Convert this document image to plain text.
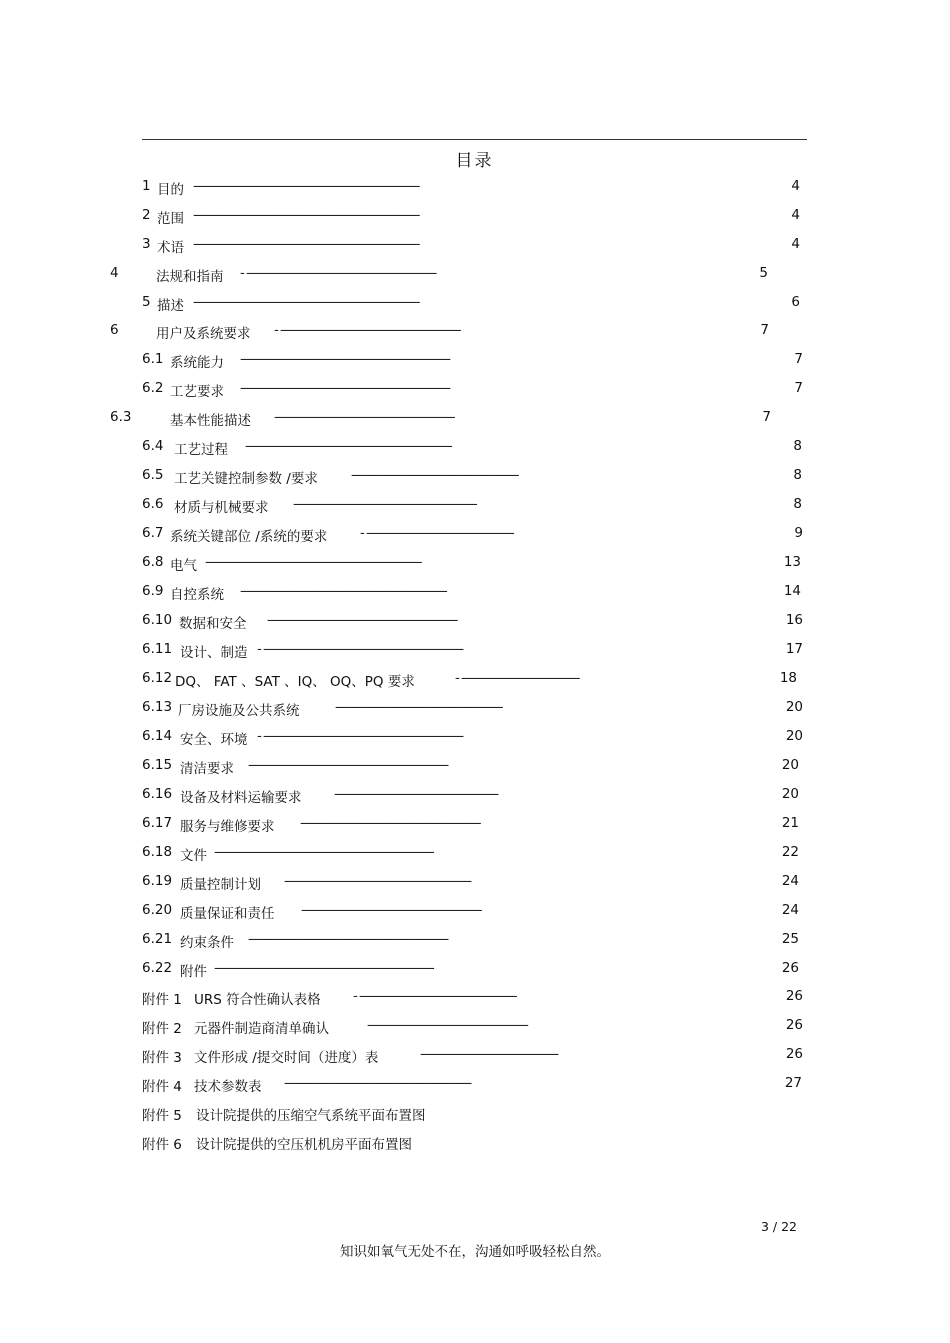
目录
1 目的 ---------------------------------------------------------------------	4
2 范围 ---------------------------------------------------------------------	4
3 术语 ---------------------------------------------------------------------	4
4	法规和指南 - ----------------------------------------------------------	5
5 描述 ---------------------------------------------------------------------	6
6	用户及系统要求 - -------------------------------------------------------	7
6.1 系统能力 ----------------------------------------------------------------	7
6.2 工艺要求 ----------------------------------------------------------------	7
6.3	基本性能描述 -------------------------------------------------------	7
6.4 工艺过程 ---------------------------------------------------------------	8
6.5 工艺关键控制参数 /要求 ---------------------------------------------------	8
6.6 材质与机械要求 --------------------------------------------------------	8
6.7 系统关键部位 /系统的要求 - ---------------------------------------------	9
6.8 电气 ------------------------------------------------------------------	13
6.9 自控系统 ---------------------------------------------------------------	14
6.10 数据和安全 ----------------------------------------------------------	16
6.11 设计、制造 - -------------------------------------------------------------	17
6.12 DQ、 FAT 、SAT 、IQ、 OQ、PQ 要求	- ------------------------------------	18
6.13 厂房设施及公共系统	---------------------------------------------------	20
6.14 安全、环境 - -------------------------------------------------------------	20
6.15 清洁要求 -------------------------------------------------------------	20
6.16 设备及材料运输要求 --------------------------------------------------	20
6.17 服务与维修要求 -------------------------------------------------------	21
6.18 文件 -------------------------------------------------------------------	22
6.19 质量控制计划 ---------------------------------------------------------	24
6.20 质量保证和责任 -------------------------------------------------------	24
6.21 约束条件 -------------------------------------------------------------	25
6.22 附件 -------------------------------------------------------------------	26
附件 1 URS 符合性确认表格 - ------------------------------------------------	26
附件 2 元器件制造商清单确认	-------------------------------------------------	26
附件 3 文件形成 /提交时间（进度）表	------------------------------------------	26
附件 4 技术参数表 ---------------------------------------------------------	27
附件 5 设计院提供的压缩空气系统平面布置图
附件 6 设计院提供的空压机机房平面布置图
3 / 22
知识如氧气无处不在，沟通如呼吸轻松自然。
